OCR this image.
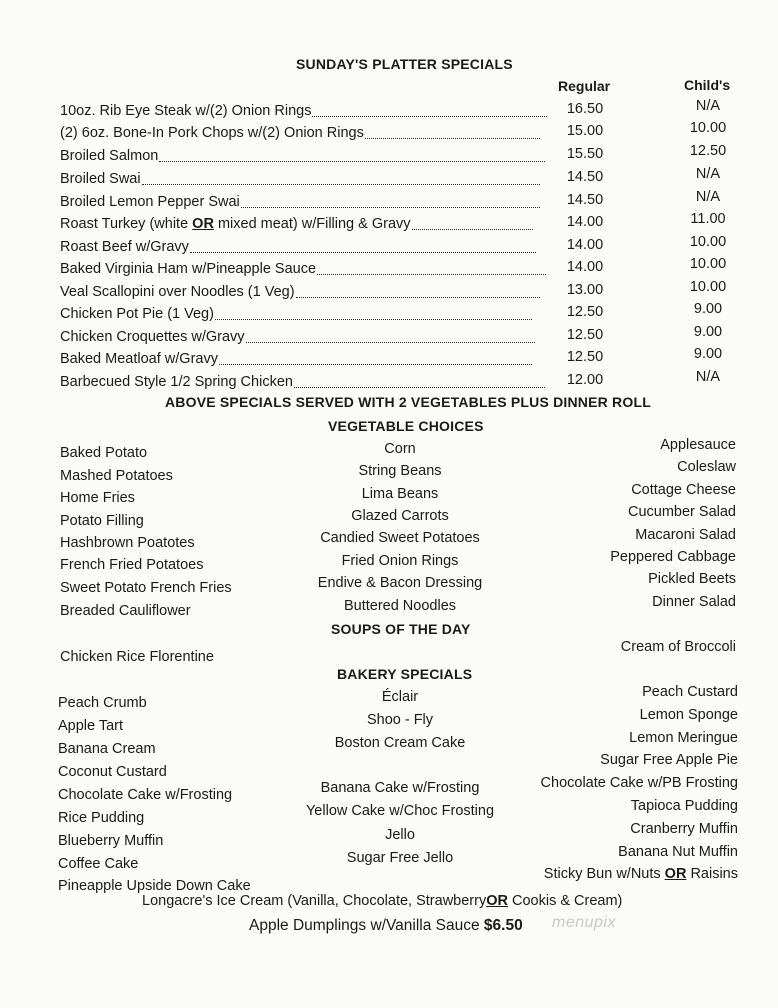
SUNDAY'S PLATTER SPECIALS
Regular	Child's
10oz. Rib Eye Steak w/(2) Onion Rings	16.50	N/A
(2) 6oz. Bone-In Pork Chops w/(2) Onion Rings	15.00	10.00
Broiled Salmon	15.50	12.50
Broiled Swai	14.50	N/A
Broiled Lemon Pepper Swai	14.50	N/A
Roast Turkey (white OR mixed meat) w/Filling & Gravy	14.00	11.00
Roast Beef w/Gravy	14.00	10.00
Baked Virginia Ham w/Pineapple Sauce	14.00	10.00
Veal Scallopini over Noodles (1 Veg)	13.00	10.00
Chicken Pot Pie (1 Veg)	12.50	9.00
Chicken Croquettes w/Gravy	12.50	9.00
Baked Meatloaf w/Gravy	12.50	9.00
Barbecued Style 1/2 Spring Chicken	12.00	N/A
ABOVE SPECIALS SERVED WITH 2 VEGETABLES PLUS DINNER ROLL
VEGETABLE CHOICES
Baked Potato
Mashed Potatoes
Home Fries
Potato Filling
Hashbrown Poatotes
French Fried Potatoes
Sweet Potato French Fries
Breaded Cauliflower
Corn
String Beans
Lima Beans
Glazed Carrots
Candied Sweet Potatoes
Fried Onion Rings
Endive & Bacon Dressing
Buttered Noodles
Applesauce
Coleslaw
Cottage Cheese
Cucumber Salad
Macaroni Salad
Peppered Cabbage
Pickled Beets
Dinner Salad
SOUPS OF THE DAY
Chicken Rice Florentine
Cream of Broccoli
BAKERY SPECIALS
Peach Crumb
Apple Tart
Banana Cream
Coconut Custard
Chocolate Cake w/Frosting
Rice Pudding
Blueberry Muffin
Coffee Cake
Pineapple Upside Down Cake
Éclair
Shoo - Fly
Boston Cream Cake
Banana Cake w/Frosting
Yellow Cake w/Choc Frosting
Jello
Sugar Free Jello
Peach Custard
Lemon Sponge
Lemon Meringue
Sugar Free Apple Pie
Chocolate Cake w/PB Frosting
Tapioca Pudding
Cranberry Muffin
Banana Nut Muffin
Sticky Bun w/Nuts OR Raisins
Longacre's Ice Cream (Vanilla, Chocolate, StrawberryOR Cookis & Cream)
Apple Dumplings w/Vanilla Sauce $6.50 menupix
